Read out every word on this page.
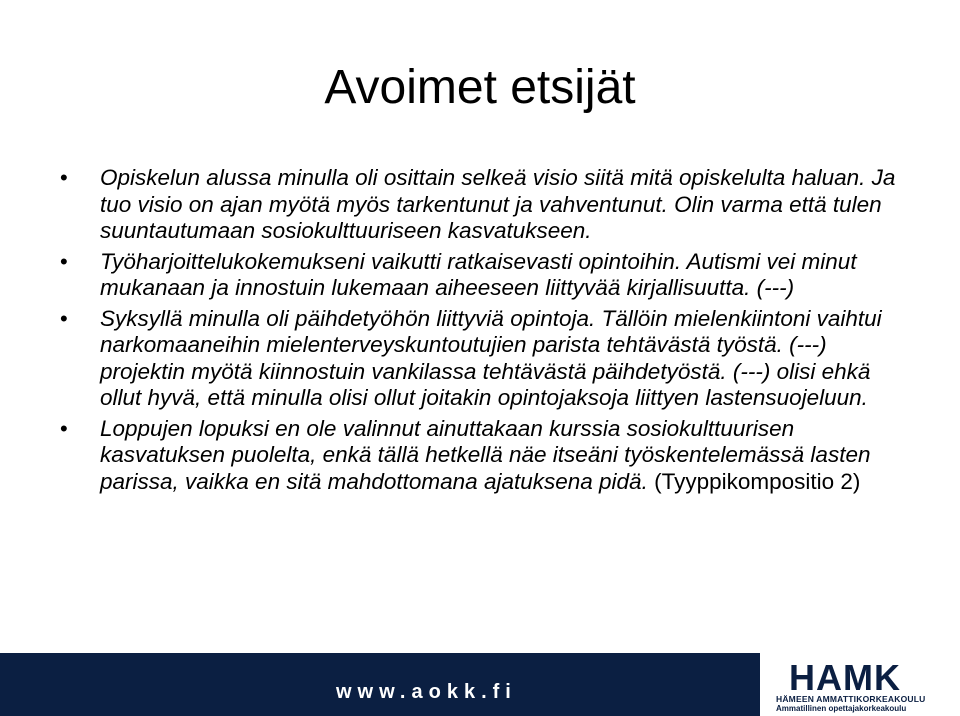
Avoimet etsijät
• Opiskelun alussa minulla oli osittain selkeä visio siitä mitä opiskelulta haluan. Ja tuo visio on ajan myötä myös tarkentunut ja vahventunut. Olin varma että tulen suuntautumaan sosiokulttuuriseen kasvatukseen.
• Työharjoittelukokemukseni vaikutti ratkaisevasti opintoihin. Autismi vei minut mukanaan ja innostuin lukemaan aiheeseen liittyvää kirjallisuutta. (---)
• Syksyllä minulla oli päihdetyöhön liittyviä opintoja. Tällöin mielenkiintoni vaihtui narkomaaneihin mielenterveyskuntoutujien parista tehtävästä työstä. (---) projektin myötä kiinnostuin vankilassa tehtävästä päihdetyöstä. (---) olisi ehkä ollut hyvä, että minulla olisi ollut joitakin opintojaksoja liittyen lastensuojeluun.
• Loppujen lopuksi en ole valinnut ainuttakaan kurssia sosiokulttuurisen kasvatuksen puolelta, enkä tällä hetkellä näe itseäni työskentelemässä lasten parissa, vaikka en sitä mahdottomana ajatuksena pidä. (Tyyppikompositio 2)
www.aokk.fi	HAMK
HÄMEEN AMMATTIKORKEAKOULU
Ammatillinen opettajakorkeakoulu
